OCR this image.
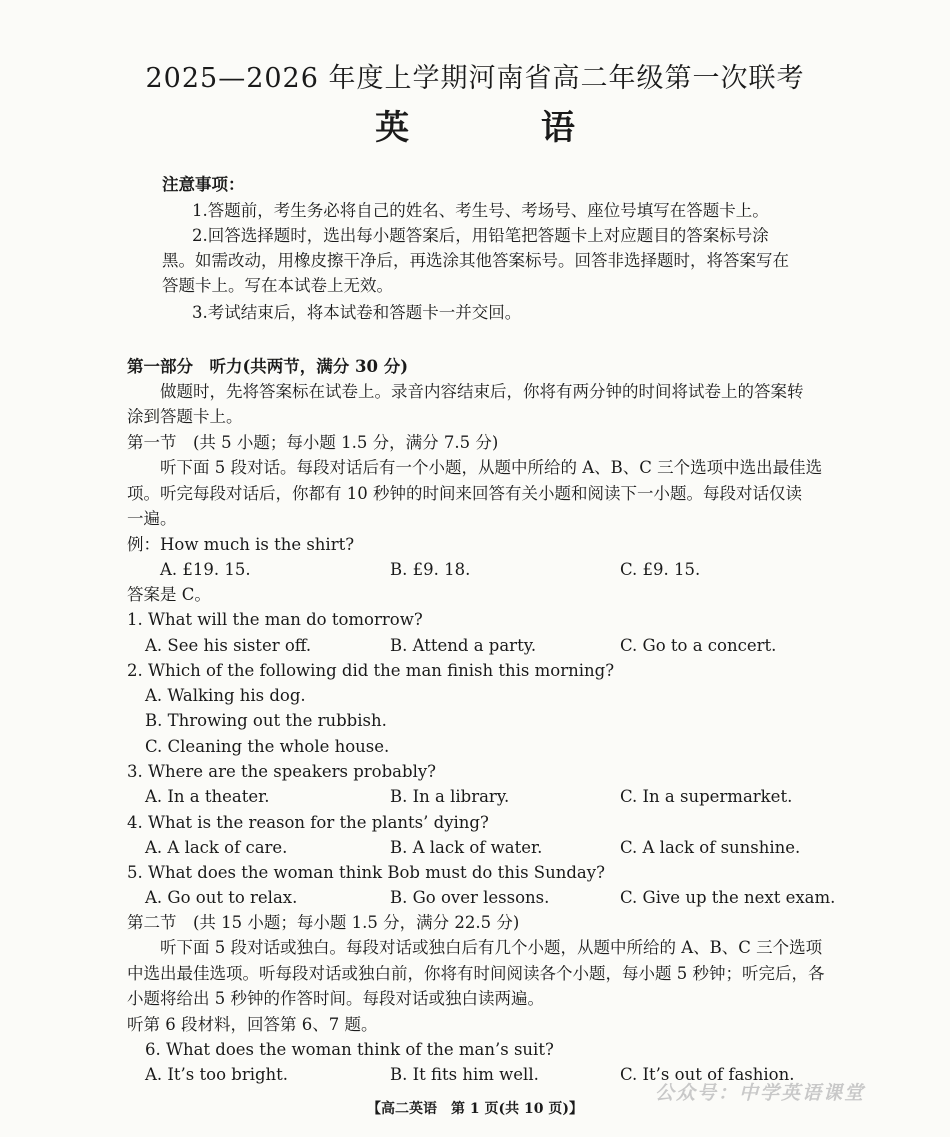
2025—2026 年度上学期河南省高二年级第一次联考
英 语
注意事项：
1.答题前，考生务必将自己的姓名、考生号、考场号、座位号填写在答题卡上。
2.回答选择题时，选出每小题答案后，用铅笔把答题卡上对应题目的答案标号涂
黑。如需改动，用橡皮擦干净后，再选涂其他答案标号。回答非选择题时，将答案写在
答题卡上。写在本试卷上无效。
3.考试结束后，将本试卷和答题卡一并交回。
第一部分　听力(共两节，满分 30 分)
做题时，先将答案标在试卷上。录音内容结束后，你将有两分钟的时间将试卷上的答案转
涂到答题卡上。
第一节　(共 5 小题；每小题 1.5 分，满分 7.5 分)
听下面 5 段对话。每段对话后有一个小题，从题中所给的 A、B、C 三个选项中选出最佳选
项。听完每段对话后，你都有 10 秒钟的时间来回答有关小题和阅读下一小题。每段对话仅读
一遍。
例：How much is the shirt?
A. £19. 15.	B. £9. 18.	C. £9. 15.
答案是 C。
1. What will the man do tomorrow?
A. See his sister off.	B. Attend a party.	C. Go to a concert.
2. Which of the following did the man finish this morning?
A. Walking his dog.
B. Throwing out the rubbish.
C. Cleaning the whole house.
3. Where are the speakers probably?
A. In a theater.	B. In a library.	C. In a supermarket.
4. What is the reason for the plants’ dying?
A. A lack of care.	B. A lack of water.	C. A lack of sunshine.
5. What does the woman think Bob must do this Sunday?
A. Go out to relax.	B. Go over lessons.	C. Give up the next exam.
第二节　(共 15 小题；每小题 1.5 分，满分 22.5 分)
听下面 5 段对话或独白。每段对话或独白后有几个小题，从题中所给的 A、B、C 三个选项
中选出最佳选项。听每段对话或独白前，你将有时间阅读各个小题，每小题 5 秒钟；听完后，各
小题将给出 5 秒钟的作答时间。每段对话或独白读两遍。
听第 6 段材料，回答第 6、7 题。
6. What does the woman think of the man’s suit?
A. It’s too bright.	B. It fits him well.	C. It’s out of fashion.
公众号：中学英语课堂
【高二英语　第 1 页(共 10 页)】
